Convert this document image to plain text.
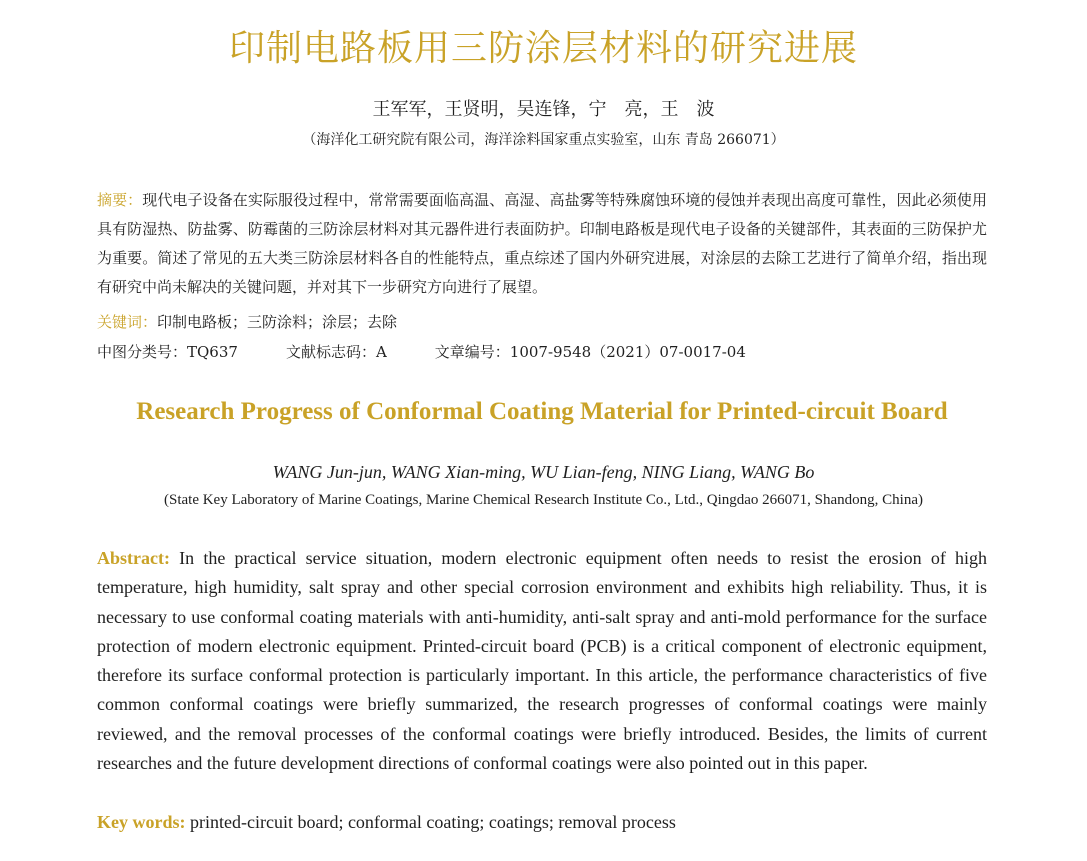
印制电路板用三防涂层材料的研究进展
王军军，王贤明，吴连锋，宁　亮，王　波
（海洋化工研究院有限公司，海洋涂料国家重点实验室，山东 青岛 266071）
摘要：现代电子设备在实际服役过程中，常常需要面临高温、高湿、高盐雾等特殊腐蚀环境的侵蚀并表现出高度可靠性，因此必须使用具有防湿热、防盐雾、防霉菌的三防涂层材料对其元器件进行表面防护。印制电路板是现代电子设备的关键部件，其表面的三防保护尤为重要。简述了常见的五大类三防涂层材料各自的性能特点，重点综述了国内外研究进展，对涂层的去除工艺进行了简单介绍，指出现有研究中尚未解决的关键问题，并对其下一步研究方向进行了展望。
关键词：印制电路板；三防涂料；涂层；去除
中图分类号：TQ637	文献标志码：A	文章编号：1007-9548（2021）07-0017-04
Research Progress of Conformal Coating Material for Printed-circuit Board
WANG Jun-jun, WANG Xian-ming, WU Lian-feng, NING Liang, WANG Bo
(State Key Laboratory of Marine Coatings, Marine Chemical Research Institute Co., Ltd., Qingdao 266071, Shandong, China)
Abstract: In the practical service situation, modern electronic equipment often needs to resist the erosion of high temperature, high humidity, salt spray and other special corrosion environment and exhibits high reliability. Thus, it is necessary to use conformal coating materials with anti-humidity, anti-salt spray and anti-mold performance for the surface protection of modern electronic equipment. Printed-circuit board (PCB) is a critical component of electronic equipment, therefore its surface conformal protection is particularly important. In this article, the performance characteristics of five common conformal coatings were briefly summarized, the research progresses of conformal coatings were mainly reviewed, and the removal processes of the conformal coatings were briefly introduced. Besides, the limits of current researches and the future development directions of conformal coatings were also pointed out in this paper.
Key words: printed-circuit board; conformal coating; coatings; removal process
